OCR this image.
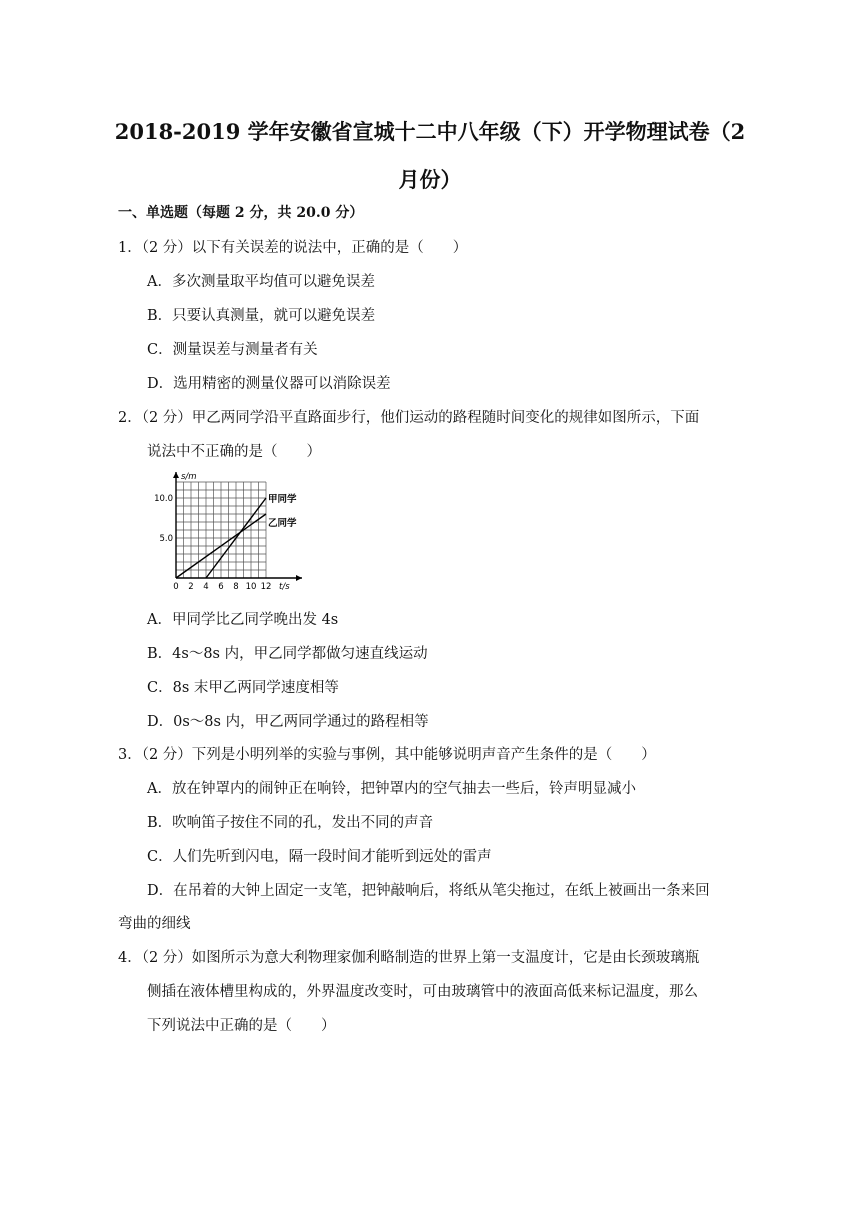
2018-2019 学年安徽省宣城十二中八年级（下）开学物理试卷（2
月份）
一、单选题（每题 2 分，共 20.0 分）
1．（2 分）以下有关误差的说法中，正确的是（　　）
A．多次测量取平均值可以避免误差
B．只要认真测量，就可以避免误差
C．测量误差与测量者有关
D．选用精密的测量仪器可以消除误差
2．（2 分）甲乙两同学沿平直路面步行，他们运动的路程随时间变化的规律如图所示，下面
说法中不正确的是（　　）
0 2 4 6 8 10 12
5.0
10.0
s/m
t/s
甲同学
乙同学
A．甲同学比乙同学晚出发 4s
B．4s～8s 内，甲乙同学都做匀速直线运动
C．8s 末甲乙两同学速度相等
D．0s～8s 内，甲乙两同学通过的路程相等
3．（2 分）下列是小明列举的实验与事例，其中能够说明声音产生条件的是（　　）
A．放在钟罩内的闹钟正在响铃，把钟罩内的空气抽去一些后，铃声明显减小
B．吹响笛子按住不同的孔，发出不同的声音
C．人们先听到闪电，隔一段时间才能听到远处的雷声
D．在吊着的大钟上固定一支笔，把钟敲响后，将纸从笔尖拖过，在纸上被画出一条来回
弯曲的细线
4．（2 分）如图所示为意大利物理家伽利略制造的世界上第一支温度计，它是由长颈玻璃瓶
侧插在液体槽里构成的，外界温度改变时，可由玻璃管中的液面高低来标记温度，那么
下列说法中正确的是（　　）
